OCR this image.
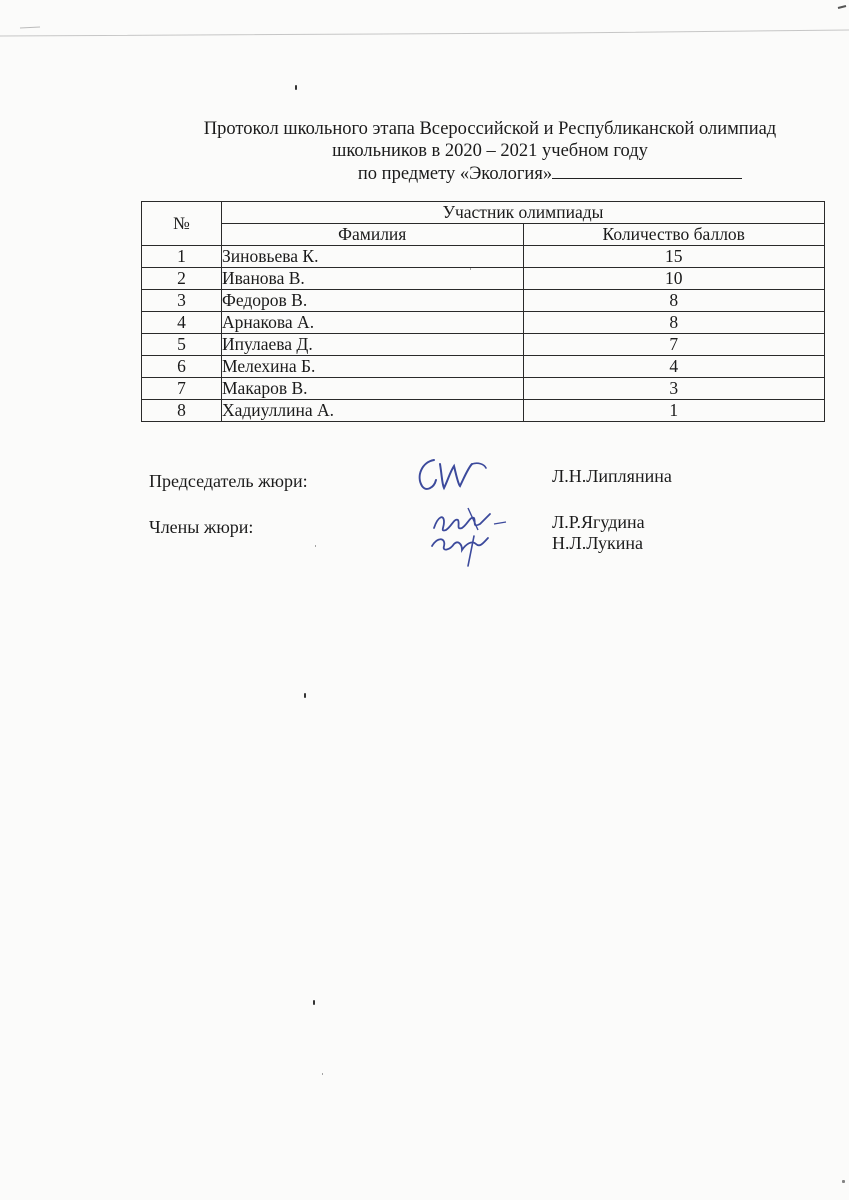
Протокол школьного этапа Всероссийской и Республиканской олимпиад
школьников в 2020 – 2021 учебном году
по предмету «Экология»
№	Участник олимпиады	
	Фамилия	Количество баллов
1	Зиновьева К.	15
2	Иванова В.	10
3	Федоров В.	8
4	Арнакова А.	8
5	Ипулаева Д.	7
6	Мелехина Б.	4
7	Макаров В.	3
8	Хадиуллина А.	1
Председатель жюри:	Л.Н.Липлянина
Члены жюри:	Л.Р.Ягудина
Н.Л.Лукина
